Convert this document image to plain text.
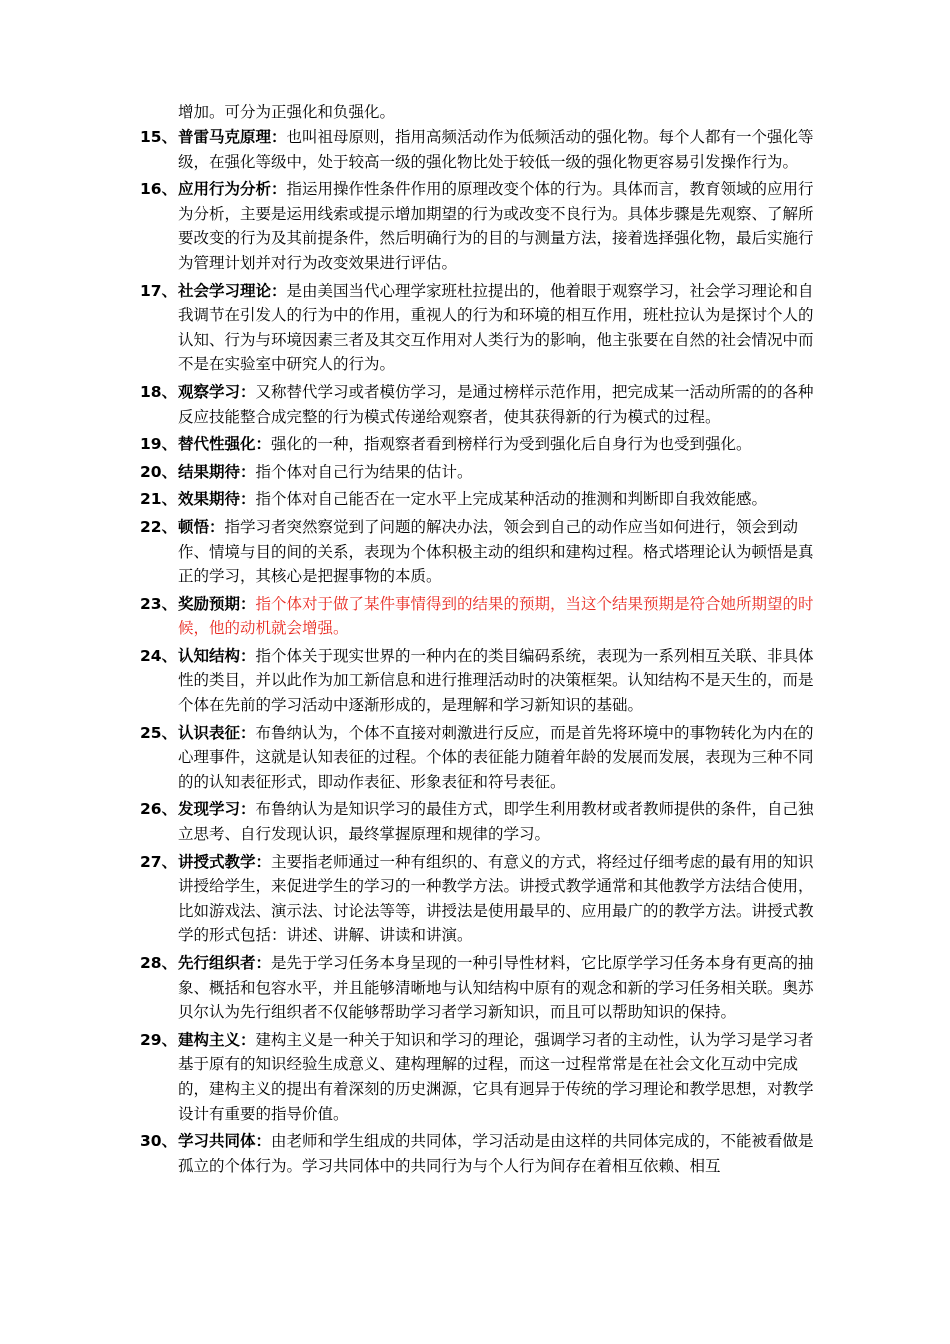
增加。可分为正强化和负强化。

15、 普雷马克原理：也叫祖母原则，指用高频活动作为低频活动的强化物。每个人都有一个强化等级，在强化等级中，处于较高一级的强化物比处于较低一级的强化物更容易引发操作行为。

16、 应用行为分析：指运用操作性条件作用的原理改变个体的行为。具体而言，教育领域的应用行为分析，主要是运用线索或提示增加期望的行为或改变不良行为。具体步骤是先观察、了解所要改变的行为及其前提条件，然后明确行为的目的与测量方法，接着选择强化物，最后实施行为管理计划并对行为改变效果进行评估。

17、 社会学习理论：是由美国当代心理学家班杜拉提出的，他着眼于观察学习，社会学习理论和自我调节在引发人的行为中的作用，重视人的行为和环境的相互作用，班杜拉认为是探讨个人的认知、行为与环境因素三者及其交互作用对人类行为的影响，他主张要在自然的社会情况中而不是在实验室中研究人的行为。

18、 观察学习：又称替代学习或者模仿学习，是通过榜样示范作用，把完成某一活动所需的的各种反应技能整合成完整的行为模式传递给观察者，使其获得新的行为模式的过程。

19、 替代性强化：强化的一种，指观察者看到榜样行为受到强化后自身行为也受到强化。

20、 结果期待：指个体对自己行为结果的估计。

21、 效果期待：指个体对自己能否在一定水平上完成某种活动的推测和判断即自我效能感。

22、 顿悟：指学习者突然察觉到了问题的解决办法，领会到自己的动作应当如何进行，领会到动作、情境与目的间的关系，表现为个体积极主动的组织和建构过程。格式塔理论认为顿悟是真正的学习，其核心是把握事物的本质。

23、 奖励预期：指个体对于做了某件事情得到的结果的预期，当这个结果预期是符合她所期望的时候，他的动机就会增强。

24、 认知结构：指个体关于现实世界的一种内在的类目编码系统，表现为一系列相互关联、非具体性的类目，并以此作为加工新信息和进行推理活动时的决策框架。认知结构不是天生的，而是个体在先前的学习活动中逐渐形成的，是理解和学习新知识的基础。

25、 认识表征：布鲁纳认为，个体不直接对刺激进行反应，而是首先将环境中的事物转化为内在的心理事件，这就是认知表征的过程。个体的表征能力随着年龄的发展而发展，表现为三种不同的的认知表征形式，即动作表征、形象表征和符号表征。

26、 发现学习：布鲁纳认为是知识学习的最佳方式，即学生利用教材或者教师提供的条件，自己独立思考、自行发现认识，最终掌握原理和规律的学习。

27、 讲授式教学：主要指老师通过一种有组织的、有意义的方式，将经过仔细考虑的最有用的知识讲授给学生，来促进学生的学习的一种教学方法。讲授式教学通常和其他教学方法结合使用，比如游戏法、演示法、讨论法等等，讲授法是使用最早的、应用最广的的教学方法。讲授式教学的形式包括：讲述、讲解、讲读和讲演。

28、 先行组织者：是先于学习任务本身呈现的一种引导性材料，它比原学学习任务本身有更高的抽象、概括和包容水平，并且能够清晰地与认知结构中原有的观念和新的学习任务相关联。奥苏贝尔认为先行组织者不仅能够帮助学习者学习新知识，而且可以帮助知识的保持。

29、 建构主义：建构主义是一种关于知识和学习的理论，强调学习者的主动性，认为学习是学习者基于原有的知识经验生成意义、建构理解的过程，而这一过程常常是在社会文化互动中完成的，建构主义的提出有着深刻的历史渊源，它具有迥异于传统的学习理论和教学思想，对教学设计有重要的指导价值。

30、 学习共同体：由老师和学生组成的共同体，学习活动是由这样的共同体完成的，不能被看做是孤立的个体行为。学习共同体中的共同行为与个人行为间存在着相互依赖、相互
